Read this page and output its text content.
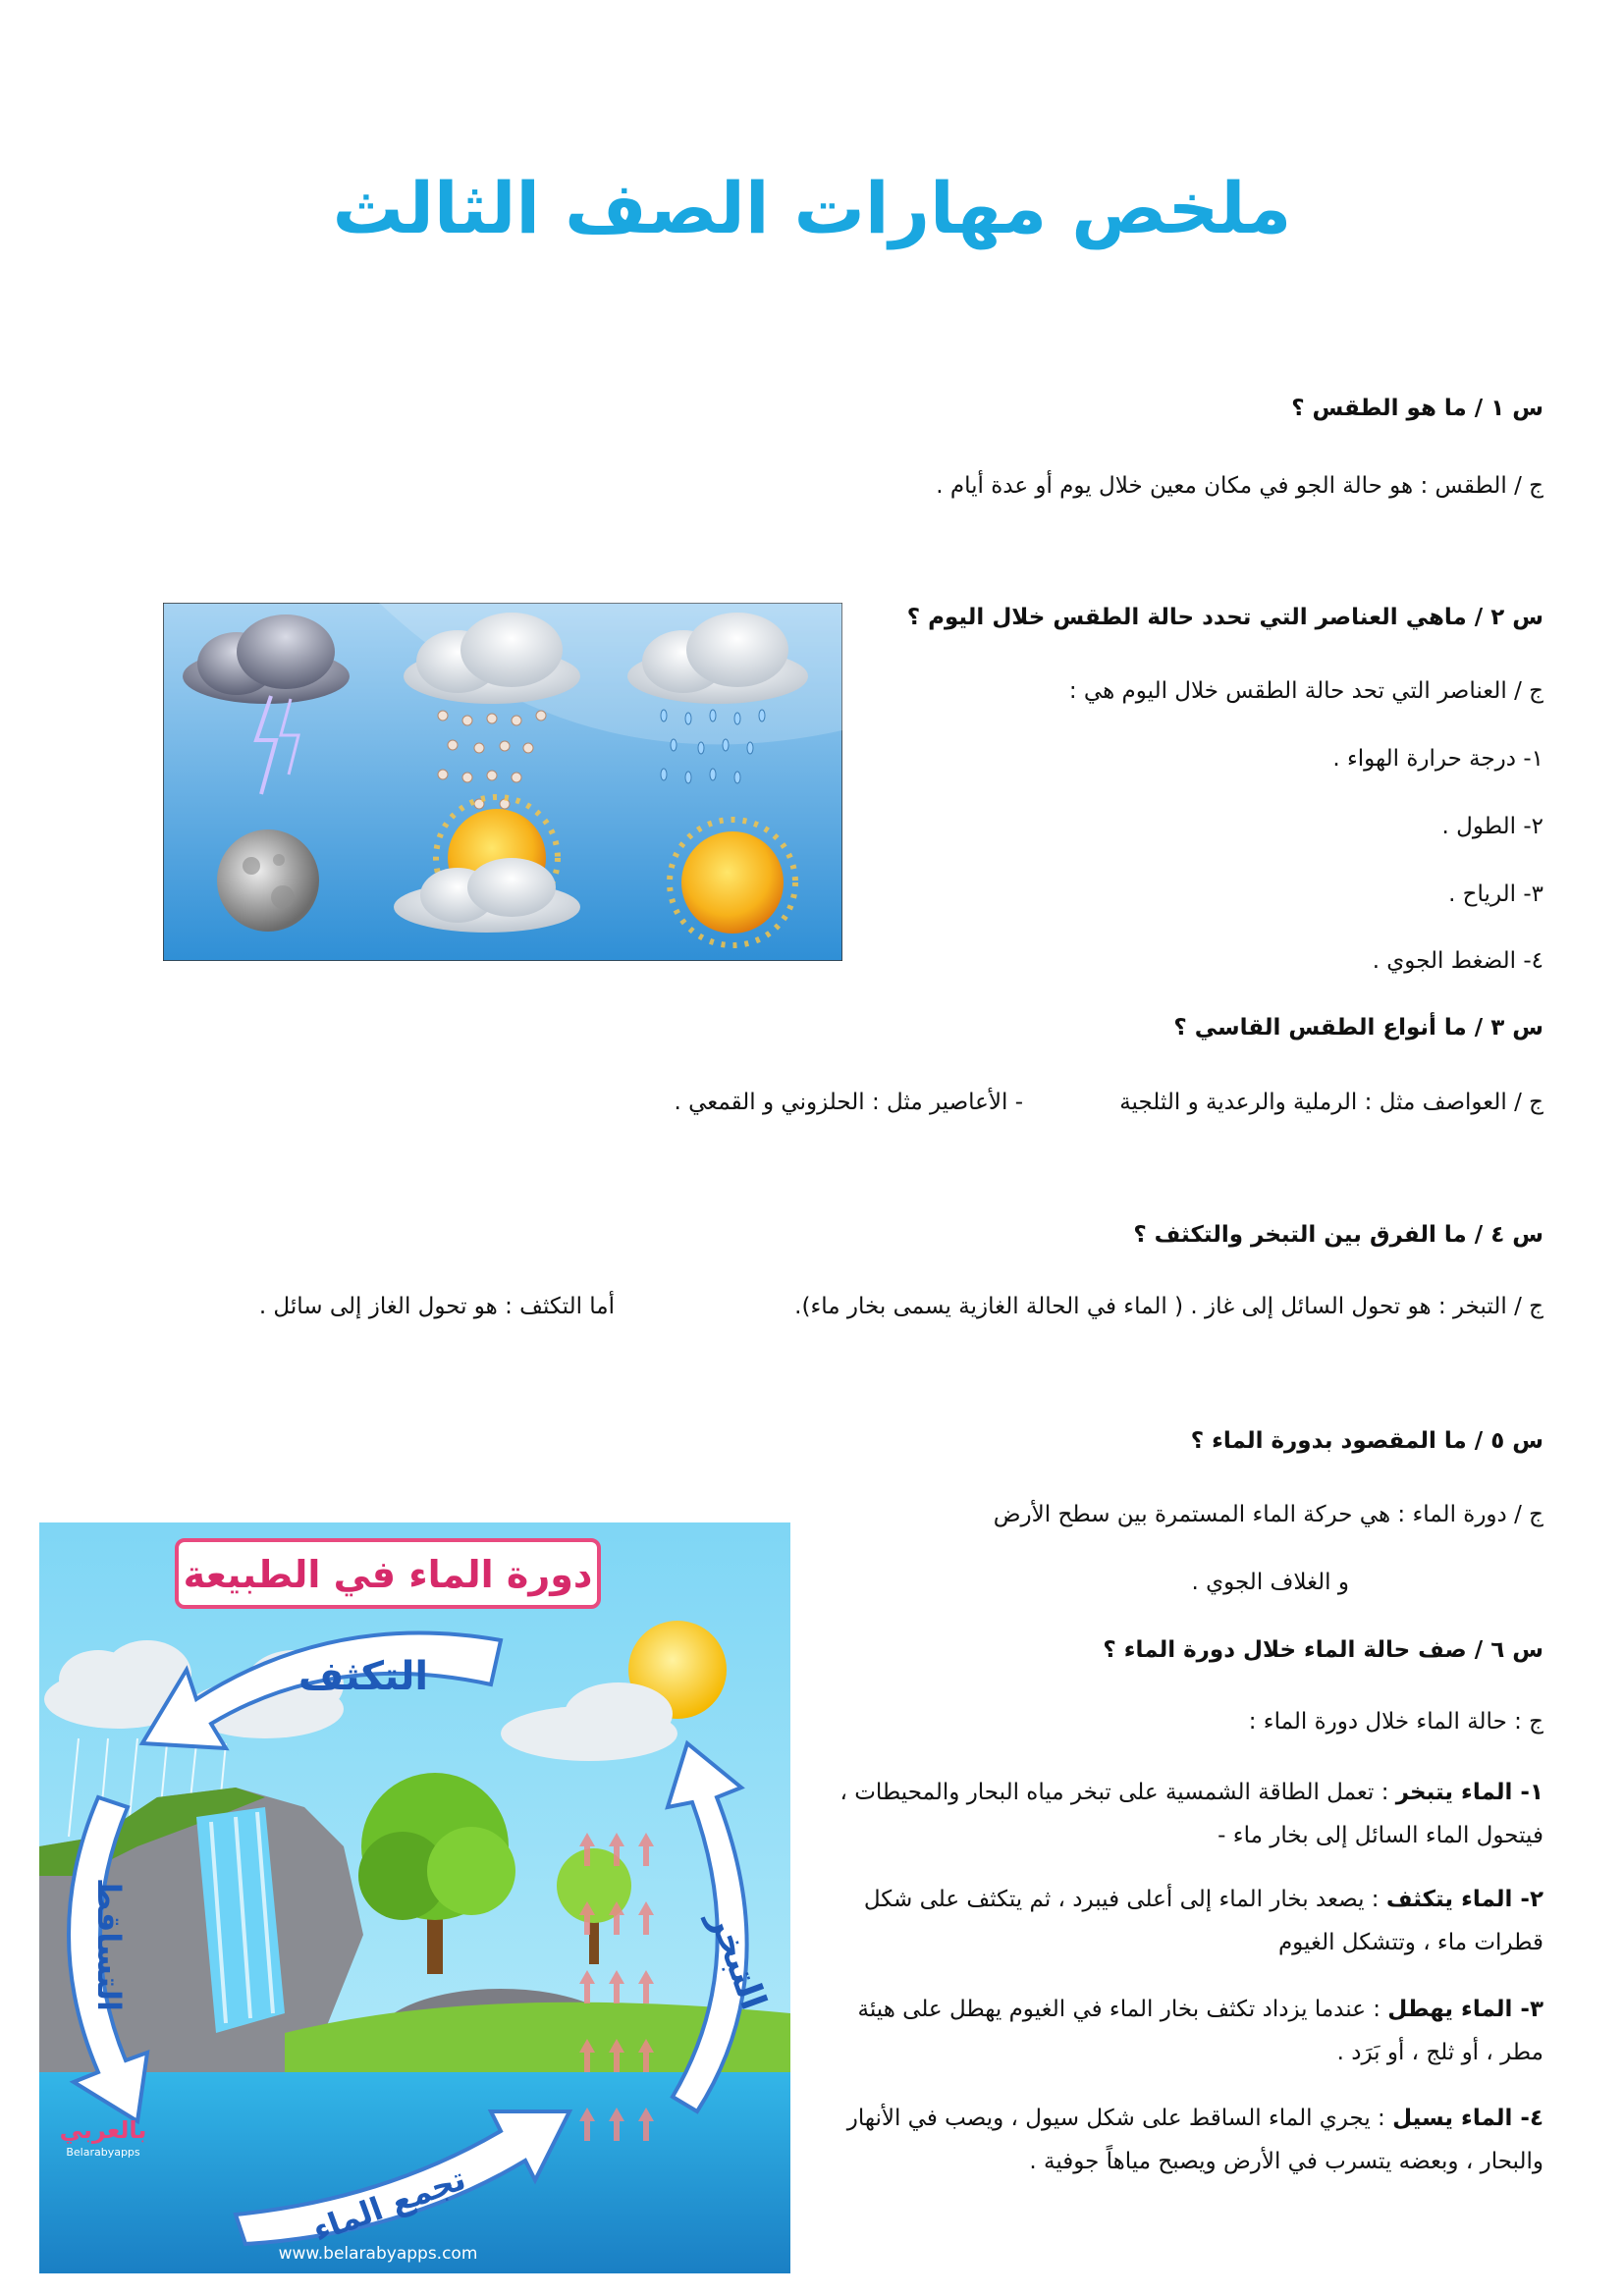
ملخص مهارات الصف الثالث
س ١ / ما هو الطقس ؟
ج / الطقس : هو حالة الجو في مكان معين خلال يوم أو عدة أيام .
س ٢ / ماهي العناصر التي تحدد حالة الطقس خلال اليوم ؟
ج / العناصر التي تحد حالة الطقس خلال اليوم هي :
١- درجة حرارة الهواء .
٢- الطول .
٣- الرياح .
٤- الضغط الجوي .
س ٣ / ما أنواع الطقس القاسي ؟
ج / العواصف مثل : الرملية والرعدية و الثلجية
- الأعاصير مثل : الحلزوني و القمعي .
س ٤ / ما الفرق بين التبخر والتكثف ؟
ج / التبخر : هو تحول السائل إلى غاز . ( الماء في الحالة الغازية يسمى بخار ماء).
أما التكثف : هو تحول الغاز إلى سائل .
س ٥ / ما المقصود بدورة الماء ؟
ج / دورة الماء : هي حركة الماء المستمرة بين سطح الأرض
و الغلاف الجوي .
س ٦ / صف حالة الماء خلال دورة الماء ؟
ج : حالة الماء خلال دورة الماء :
١- الماء يتبخر : تعمل الطاقة الشمسية على تبخر مياه البحار والمحيطات ، فيتحول الماء السائل إلى بخار ماء -
٢- الماء يتكثف : يصعد بخار الماء إلى أعلى فيبرد ، ثم يتكثف على شكل قطرات ماء ، وتتشكل الغيوم
٣- الماء يهطل : عندما يزداد تكثف بخار الماء في الغيوم يهطل على هيئة مطر ، أو ثلج ، أو بَرَد .
٤- الماء يسيل : يجري الماء الساقط على شكل سيول ، ويصب في الأنهار والبحار ، وبعضه يتسرب في الأرض ويصبح مياهاً جوفية .
دورة الماء في الطبيعة
التكثف
التبخر
التساقط
تجمع الماء
بالعربي
Belarabyapps
www.belarabyapps.com
